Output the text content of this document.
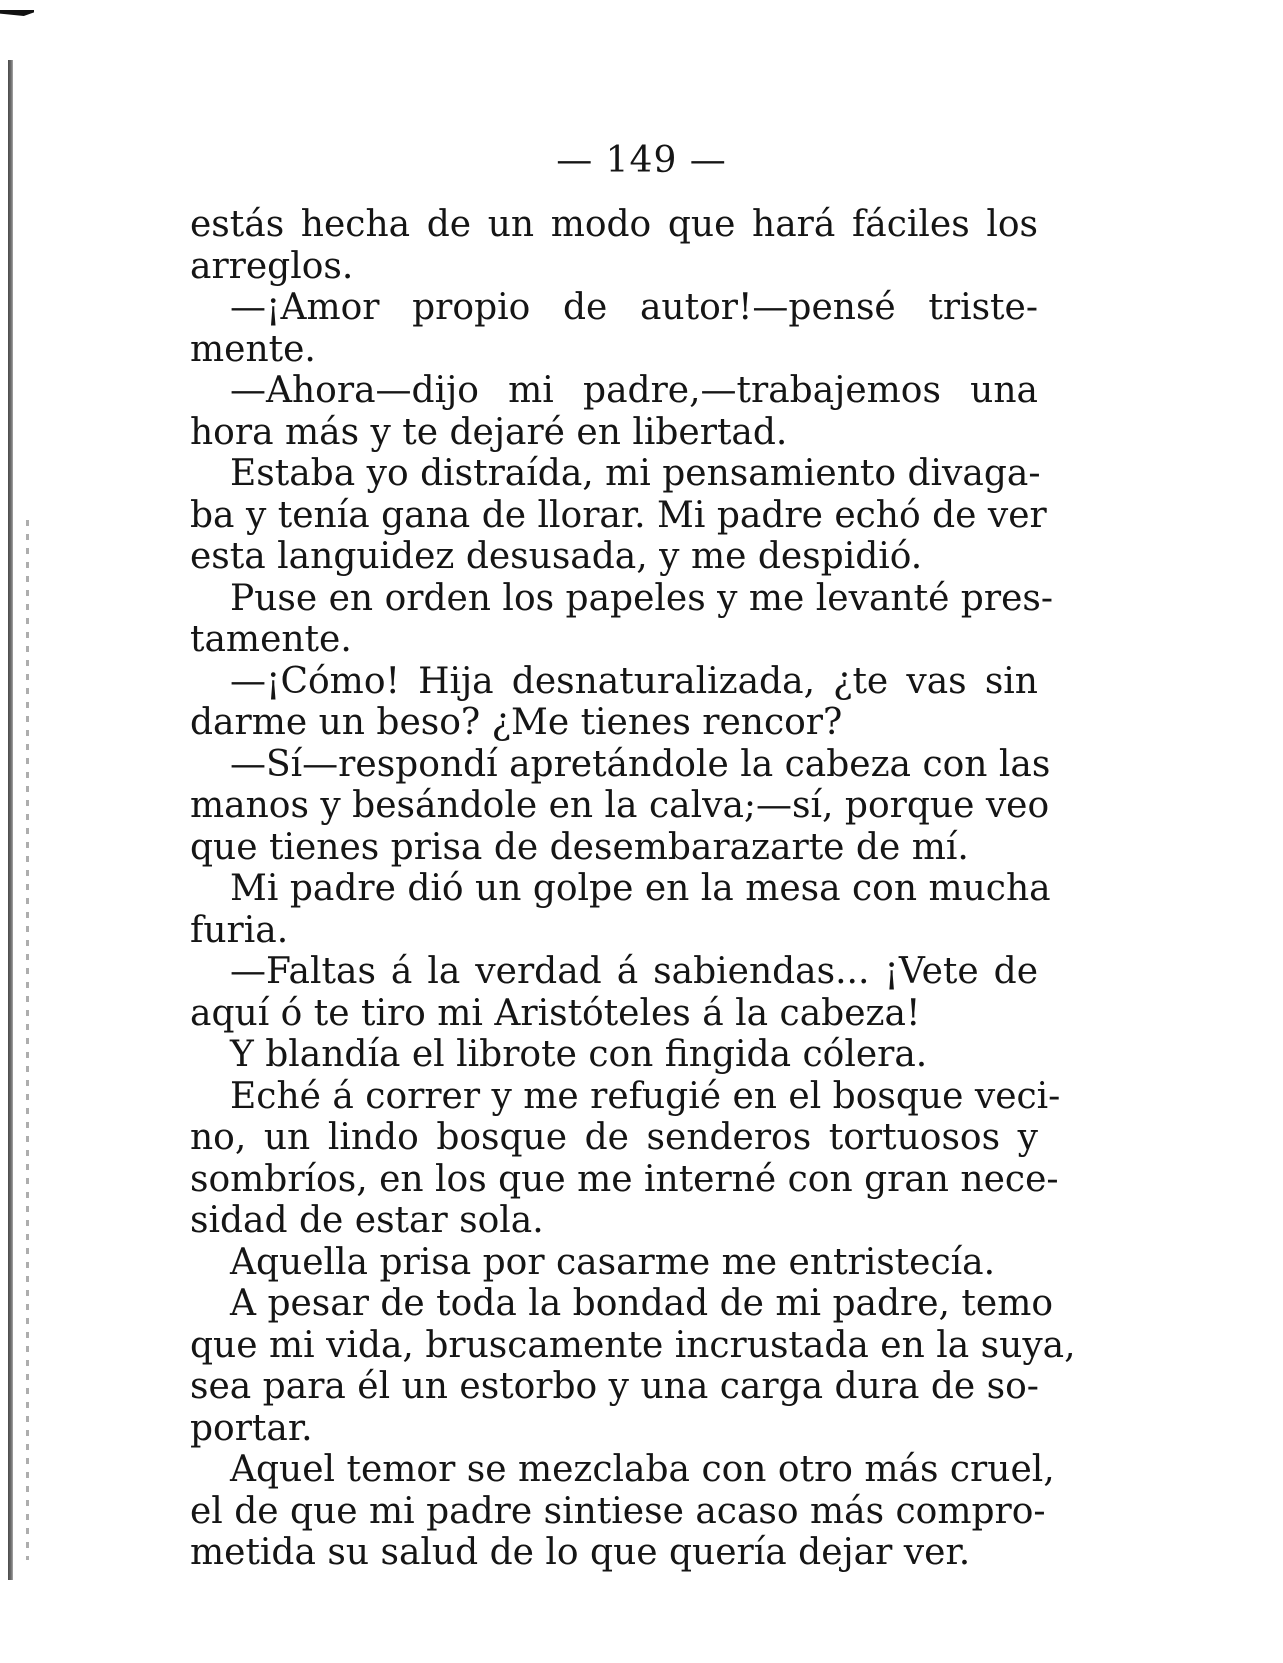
— 149 —
estás hecha de un modo que hará fáciles los
arreglos.
—¡Amor propio de autor!—pensé triste-
mente.
—Ahora—dijo mi padre,—trabajemos una
hora más y te dejaré en libertad.
Estaba yo distraída, mi pensamiento divaga-
ba y tenía gana de llorar. Mi padre echó de ver
esta languidez desusada, y me despidió.
Puse en orden los papeles y me levanté pres-
tamente.
—¡Cómo! Hija desnaturalizada, ¿te vas sin
darme un beso? ¿Me tienes rencor?
—Sí—respondí apretándole la cabeza con las
manos y besándole en la calva;—sí, porque veo
que tienes prisa de desembarazarte de mí.
Mi padre dió un golpe en la mesa con mucha
furia.
—Faltas á la verdad á sabiendas... ¡Vete de
aquí ó te tiro mi Aristóteles á la cabeza!
Y blandía el librote con fingida cólera.
Eché á correr y me refugié en el bosque veci-
no, un lindo bosque de senderos tortuosos y
sombríos, en los que me interné con gran nece-
sidad de estar sola.
Aquella prisa por casarme me entristecía.
A pesar de toda la bondad de mi padre, temo
que mi vida, bruscamente incrustada en la suya,
sea para él un estorbo y una carga dura de so-
portar.
Aquel temor se mezclaba con otro más cruel,
el de que mi padre sintiese acaso más compro-
metida su salud de lo que quería dejar ver.
